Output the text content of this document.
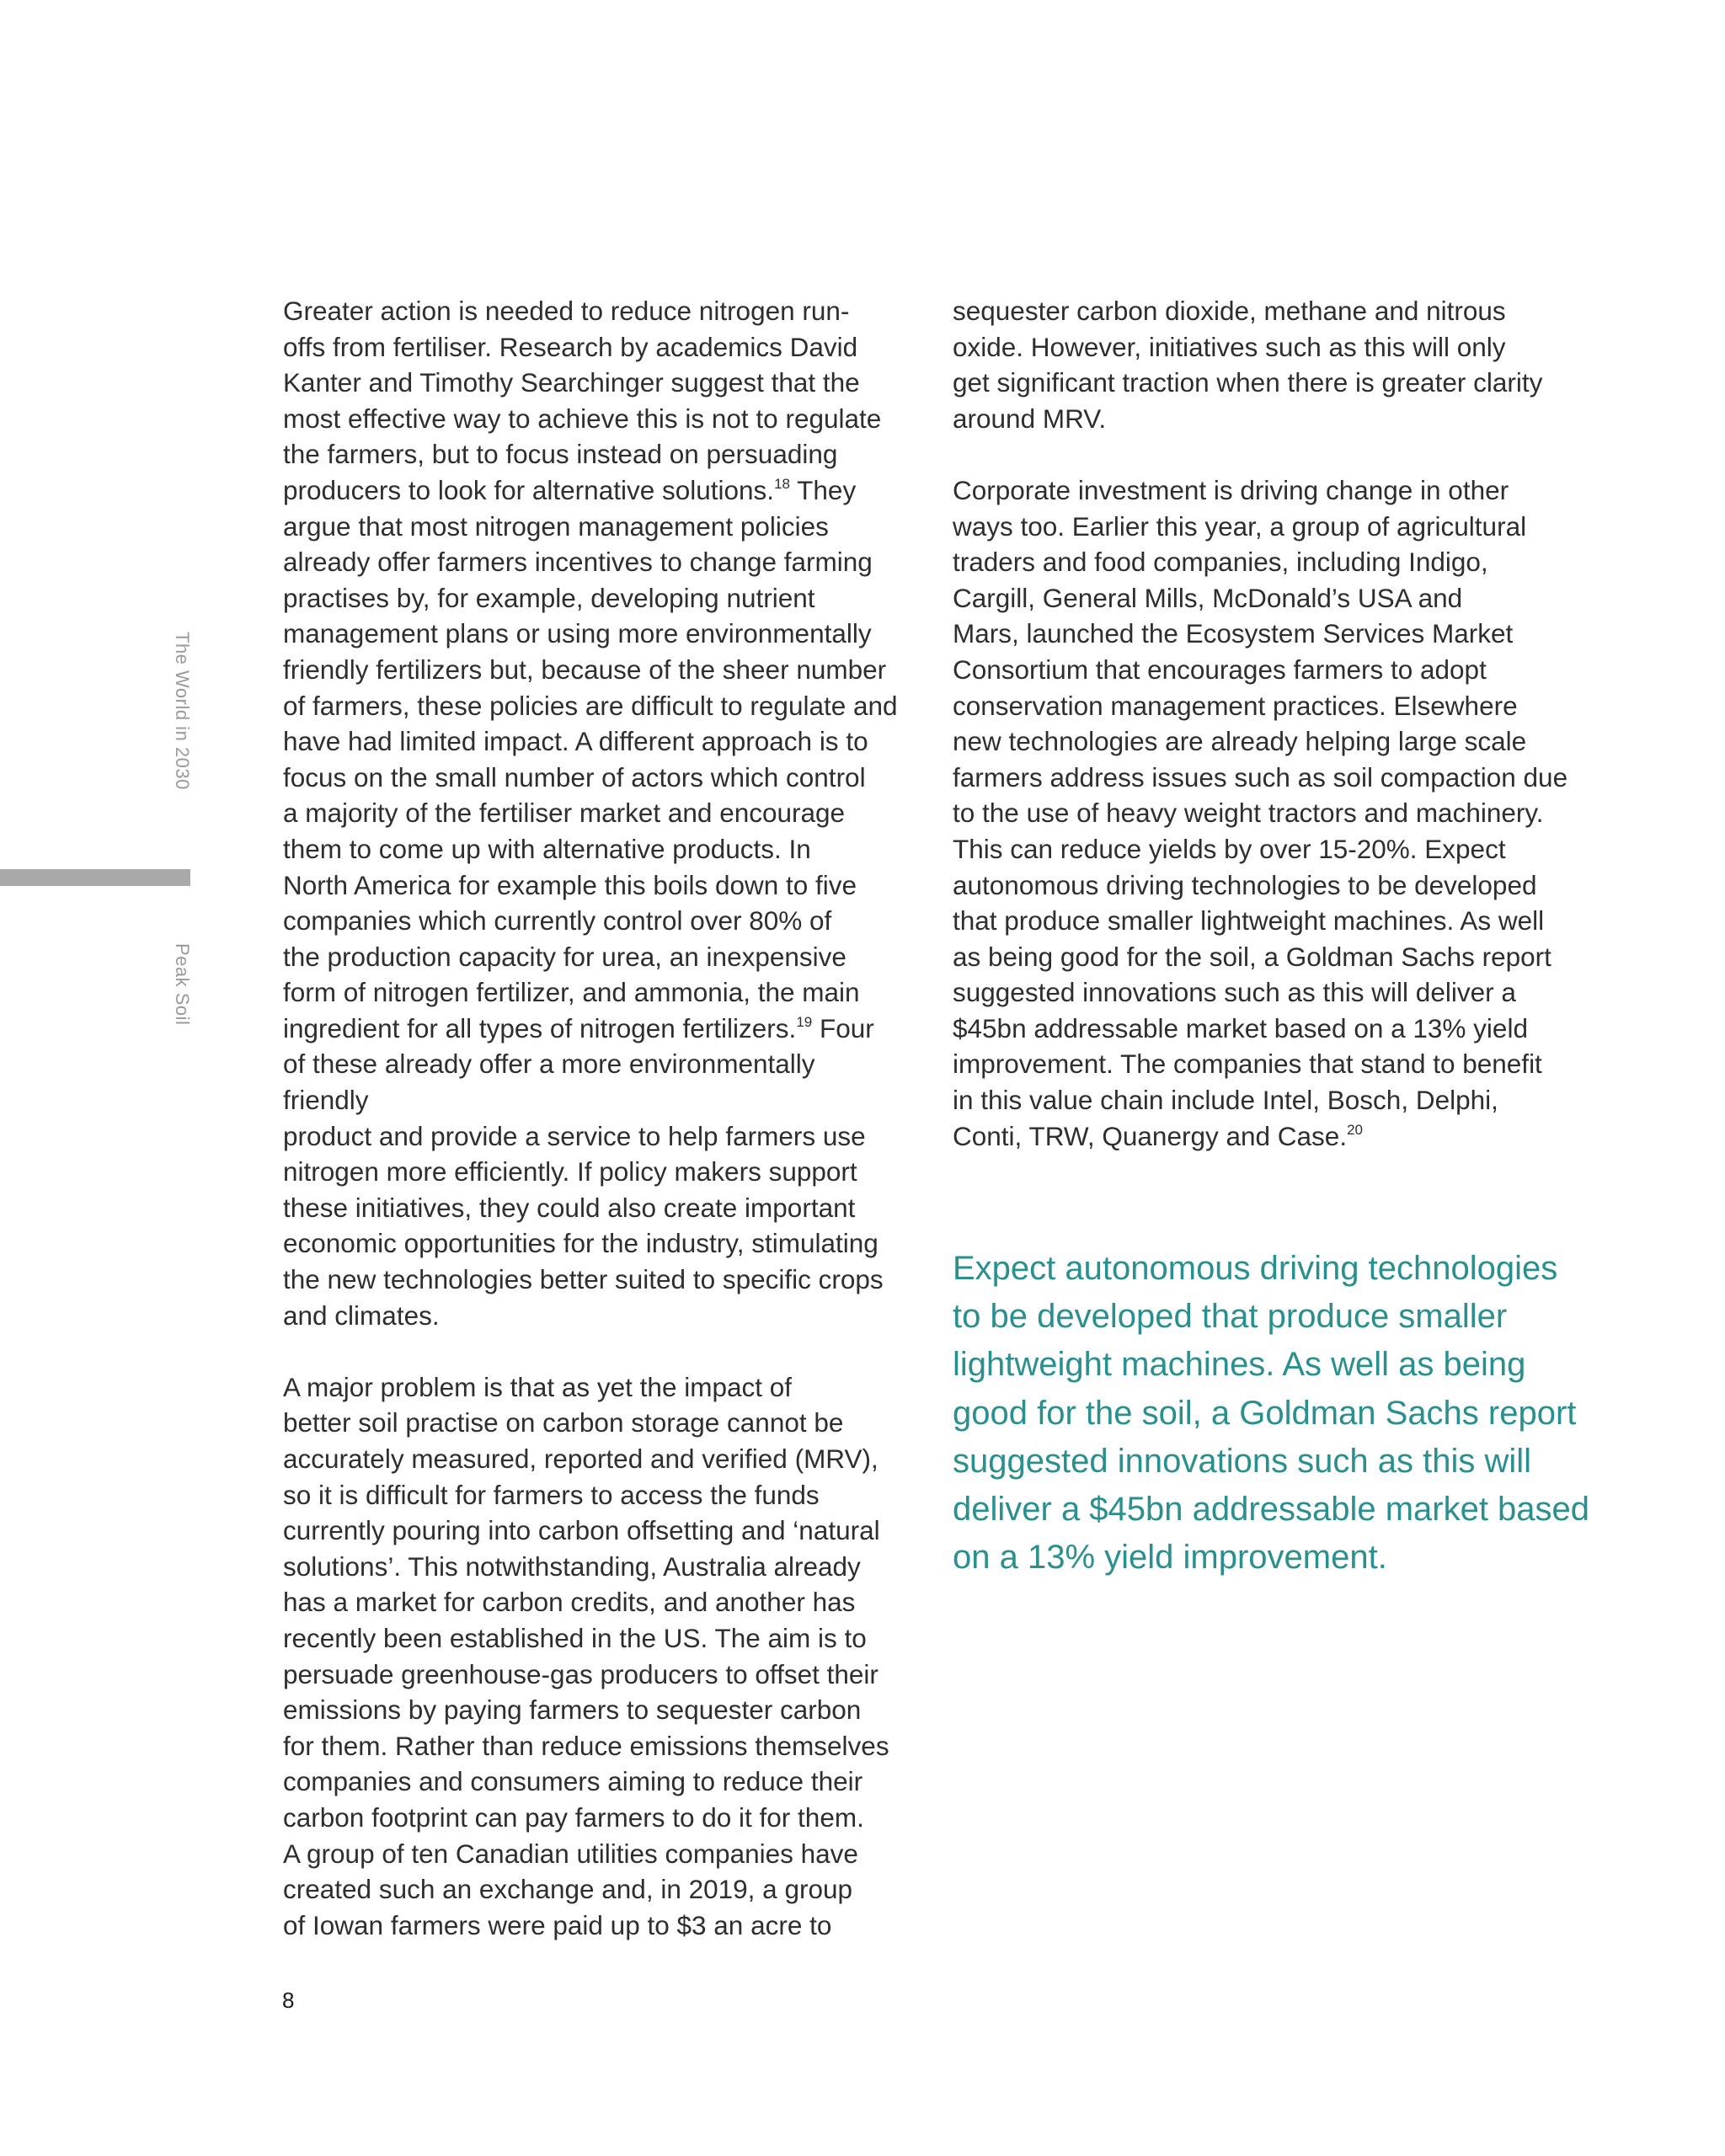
The World in 2030
Peak Soil

Greater action is needed to reduce nitrogen run-
offs from fertiliser. Research by academics David
Kanter and Timothy Searchinger suggest that the
most effective way to achieve this is not to regulate
the farmers, but to focus instead on persuading
producers to look for alternative solutions.$^{18}$ They
argue that most nitrogen management policies
already offer farmers incentives to change farming
practises by, for example, developing nutrient
management plans or using more environmentally
friendly fertilizers but, because of the sheer number
of farmers, these policies are difficult to regulate and
have had limited impact. A different approach is to
focus on the small number of actors which control
a majority of the fertiliser market and encourage
them to come up with alternative products. In
North America for example this boils down to five
companies which currently control over 80% of
the production capacity for urea, an inexpensive
form of nitrogen fertilizer, and ammonia, the main
ingredient for all types of nitrogen fertilizers.$^{19}$ Four
of these already offer a more environmentally friendly
product and provide a service to help farmers use
nitrogen more efficiently. If policy makers support
these initiatives, they could also create important
economic opportunities for the industry, stimulating
the new technologies better suited to specific crops
and climates.

A major problem is that as yet the impact of
better soil practise on carbon storage cannot be
accurately measured, reported and verified (MRV),
so it is difficult for farmers to access the funds
currently pouring into carbon offsetting and ‘natural
solutions’. This notwithstanding, Australia already
has a market for carbon credits, and another has
recently been established in the US. The aim is to
persuade greenhouse-gas producers to offset their
emissions by paying farmers to sequester carbon
for them. Rather than reduce emissions themselves
companies and consumers aiming to reduce their
carbon footprint can pay farmers to do it for them.
A group of ten Canadian utilities companies have
created such an exchange and, in 2019, a group
of Iowan farmers were paid up to $3 an acre to

sequester carbon dioxide, methane and nitrous
oxide. However, initiatives such as this will only
get significant traction when there is greater clarity
around MRV.

Corporate investment is driving change in other
ways too. Earlier this year, a group of agricultural
traders and food companies, including Indigo,
Cargill, General Mills, McDonald’s USA and
Mars, launched the Ecosystem Services Market
Consortium that encourages farmers to adopt
conservation management practices. Elsewhere
new technologies are already helping large scale
farmers address issues such as soil compaction due
to the use of heavy weight tractors and machinery.
This can reduce yields by over 15-20%. Expect
autonomous driving technologies to be developed
that produce smaller lightweight machines. As well
as being good for the soil, a Goldman Sachs report
suggested innovations such as this will deliver a
$45bn addressable market based on a 13% yield
improvement. The companies that stand to benefit
in this value chain include Intel, Bosch, Delphi,
Conti, TRW, Quanergy and Case.$^{20}$

Expect autonomous driving technologies
to be developed that produce smaller
lightweight machines. As well as being
good for the soil, a Goldman Sachs report
suggested innovations such as this will
deliver a $45bn addressable market based
on a 13% yield improvement.

8
